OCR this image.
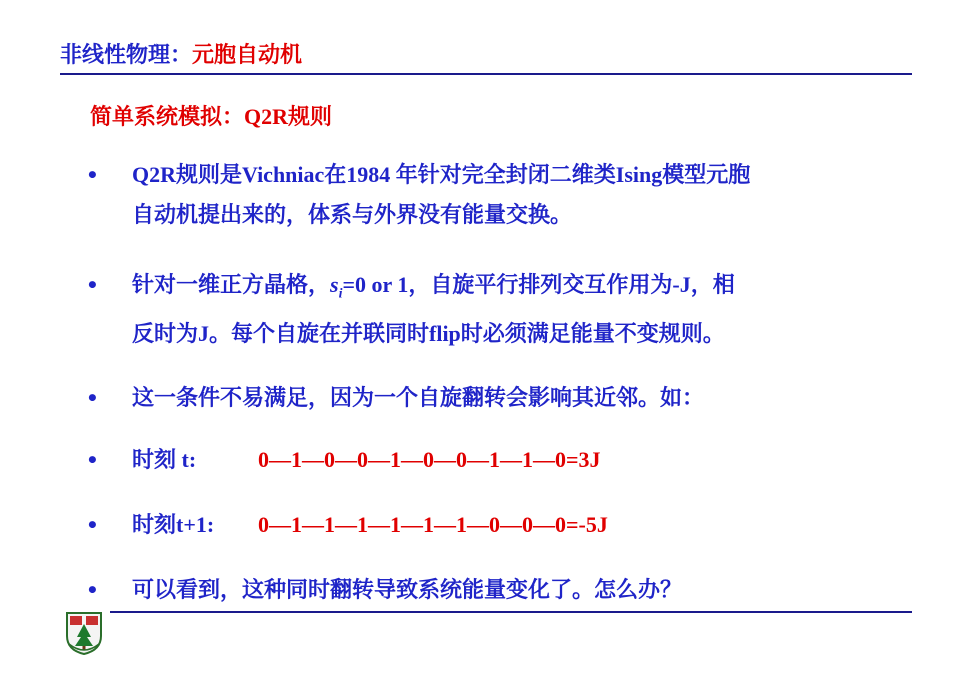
非线性物理：元胞自动机
简单系统模拟：Q2R规则
•	Q2R规则是Vichniac在1984 年针对完全封闭二维类Ising模型元胞
自动机提出来的，体系与外界没有能量交换。
•	针对一维正方晶格，$s_i=0$ or 1，自旋平行排列交互作用为-J，相
反时为J。每个自旋在并联同时flip时必须满足能量不变规则。
•	这一条件不易满足，因为一个自旋翻转会影响其近邻。如：
•	时刻 t:	0—1—0—0—1—0—0—1—1—0=3J
•	时刻t+1: 0—1—1—1—1—1—1—0—0—0=-5J
•	可以看到，这种同时翻转导致系统能量变化了。怎么办？
